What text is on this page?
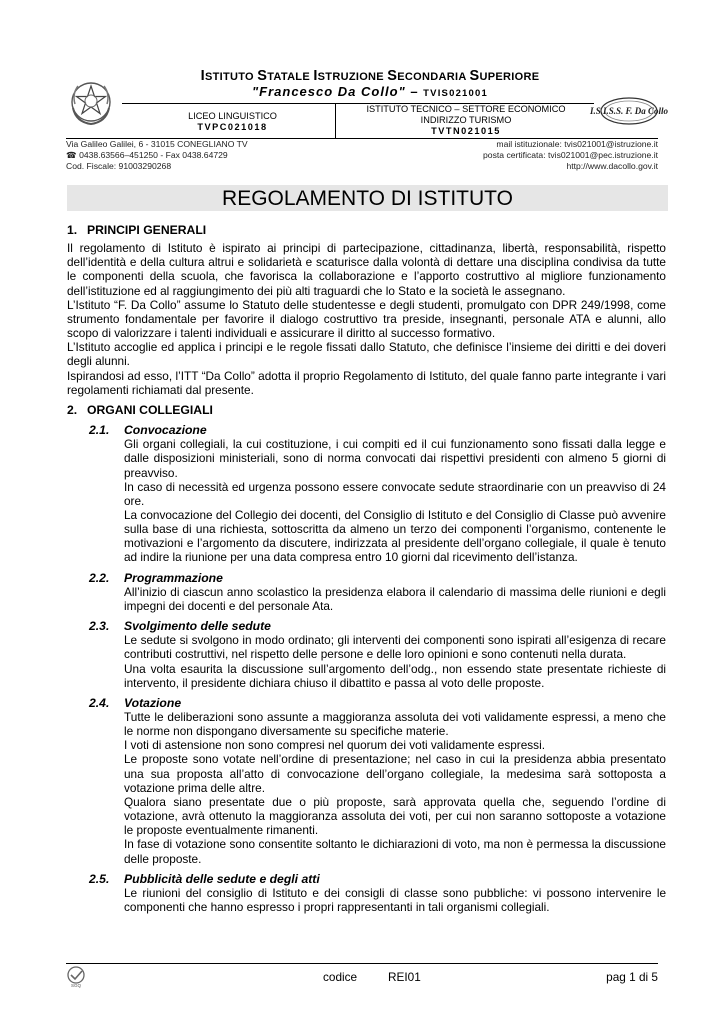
ISTITUTO STATALE ISTRUZIONE SECONDARIA SUPERIORE
"Francesco Da Collo" – TVIS021001
LICEO LINGUISTICO
TVPC021018
ISTITUTO TECNICO – SETTORE ECONOMICO
INDIRIZZO TURISMO
TVTN021015
I.S.I.S.S. F. Da Collo
Via Galileo Galilei, 6 - 31015 CONEGLIANO TV
☎ 0438.63566–451250 - Fax 0438.64729
Cod. Fiscale: 91003290268
mail istituzionale: tvis021001@istruzione.it
posta certificata: tvis021001@pec.istruzione.it
http://www.dacollo.gov.it
REGOLAMENTO DI ISTITUTO
1. PRINCIPI GENERALI

Il regolamento di Istituto è ispirato ai principi di partecipazione, cittadinanza, libertà, responsabilità, rispetto dell’identità e della cultura altrui e solidarietà e scaturisce dalla volontà di dettare una disciplina condivisa da tutte le componenti della scuola, che favorisca la collaborazione e l’apporto costruttivo al migliore funzionamento dell’istituzione ed al raggiungimento dei più alti traguardi che lo Stato e la società le assegnano.

L’Istituto “F. Da Collo” assume lo Statuto delle studentesse e degli studenti, promulgato con DPR 249/1998, come strumento fondamentale per favorire il dialogo costruttivo tra preside, insegnanti, personale ATA e alunni, allo scopo di valorizzare i talenti individuali e assicurare il diritto al successo formativo.

L’Istituto accoglie ed applica i principi e le regole fissati dallo Statuto, che definisce l’insieme dei diritti e dei doveri degli alunni.

Ispirandosi ad esso, l’ITT “Da Collo” adotta il proprio Regolamento di Istituto, del quale fanno parte integrante i vari regolamenti richiamati dal presente.

2. ORGANI COLLEGIALI
2.1. Convocazione

Gli organi collegiali, la cui costituzione, i cui compiti ed il cui funzionamento sono fissati dalla legge e dalle disposizioni ministeriali, sono di norma convocati dai rispettivi presidenti con almeno 5 giorni di preavviso.

In caso di necessità ed urgenza possono essere convocate sedute straordinarie con un preavviso di 24 ore.

La convocazione del Collegio dei docenti, del Consiglio di Istituto e del Consiglio di Classe può avvenire sulla base di una richiesta, sottoscritta da almeno un terzo dei componenti l’organismo, contenente le motivazioni e l’argomento da discutere, indirizzata al presidente dell’organo collegiale, il quale è tenuto ad indire la riunione per una data compresa entro 10 giorni dal ricevimento dell’istanza.

2.2. Programmazione

All’inizio di ciascun anno scolastico la presidenza elabora il calendario di massima delle riunioni e degli impegni dei docenti e del personale Ata.

2.3. Svolgimento delle sedute

Le sedute si svolgono in modo ordinato; gli interventi dei componenti sono ispirati all’esigenza di recare contributi costruttivi, nel rispetto delle persone e delle loro opinioni e sono contenuti nella durata.

Una volta esaurita la discussione sull’argomento dell’odg., non essendo state presentate richieste di intervento, il presidente dichiara chiuso il dibattito e passa al voto delle proposte.

2.4. Votazione

Tutte le deliberazioni sono assunte a maggioranza assoluta dei voti validamente espressi, a meno che le norme non dispongano diversamente su specifiche materie.

I voti di astensione non sono compresi nel quorum dei voti validamente espressi.

Le proposte sono votate nell’ordine di presentazione; nel caso in cui la presidenza abbia presentato una sua proposta all’atto di convocazione dell’organo collegiale, la medesima sarà sottoposta a votazione prima delle altre.

Qualora siano presentate due o più proposte, sarà approvata quella che, seguendo l’ordine di votazione, avrà ottenuto la maggioranza assoluta dei voti, per cui non saranno sottoposte a votazione le proposte eventualmente rimanenti.

In fase di votazione sono consentite soltanto le dichiarazioni di voto, ma non è permessa la discussione delle proposte.

2.5. Pubblicità delle sedute e degli atti

Le riunioni del consiglio di Istituto e dei consigli di classe sono pubbliche: vi possono intervenire le componenti che hanno espresso i propri rappresentanti in tali organismi collegiali.

SGQ
codice	REI01	pag 1 di 5
